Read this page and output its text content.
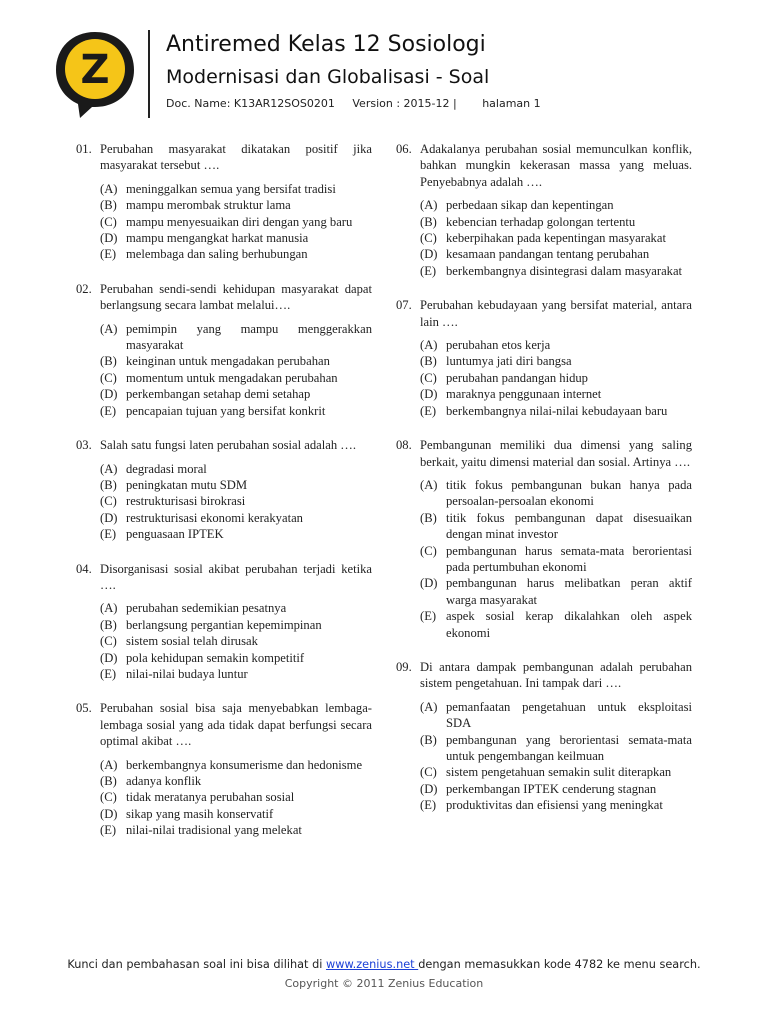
Z
Antiremed Kelas 12 Sosiologi
Modernisasi dan Globalisasi - Soal
Doc. Name: K13AR12SOS0201 Version : 2015-12 | halaman 1
01. Perubahan masyarakat dikatakan positif jika masyarakat tersebut ….
(A) meninggalkan semua yang bersifat tradisi
(B) mampu merombak struktur lama
(C) mampu menyesuaikan diri dengan yang baru
(D) mampu mengangkat harkat manusia
(E) melembaga dan saling berhubungan
02. Perubahan sendi-sendi kehidupan masyarakat dapat berlangsung secara lambat melalui….
(A) pemimpin yang mampu menggerakkan masyarakat
(B) keinginan untuk mengadakan perubahan
(C) momentum untuk mengadakan perubahan
(D) perkembangan setahap demi setahap
(E) pencapaian tujuan yang bersifat konkrit
03. Salah satu fungsi laten perubahan sosial adalah ….
(A) degradasi moral
(B) peningkatan mutu SDM
(C) restrukturisasi birokrasi
(D) restrukturisasi ekonomi kerakyatan
(E) penguasaan IPTEK
04. Disorganisasi sosial akibat perubahan terjadi ketika ….
(A) perubahan sedemikian pesatnya
(B) berlangsung pergantian kepemimpinan
(C) sistem sosial telah dirusak
(D) pola kehidupan semakin kompetitif
(E) nilai-nilai budaya luntur
05. Perubahan sosial bisa saja menyebabkan lembaga-lembaga sosial yang ada tidak dapat berfungsi secara optimal akibat ….
(A) berkembangnya konsumerisme dan hedonisme
(B) adanya konflik
(C) tidak meratanya perubahan sosial
(D) sikap yang masih konservatif
(E) nilai-nilai tradisional yang melekat
06. Adakalanya perubahan sosial memunculkan konflik, bahkan mungkin kekerasan massa yang meluas. Penyebabnya adalah ….
(A) perbedaan sikap dan kepentingan
(B) kebencian terhadap golongan tertentu
(C) keberpihakan pada kepentingan masyarakat
(D) kesamaan pandangan tentang perubahan
(E) berkembangnya disintegrasi dalam masyarakat
07. Perubahan kebudayaan yang bersifat material, antara lain ….
(A) perubahan etos kerja
(B) luntumya jati diri bangsa
(C) perubahan pandangan hidup
(D) maraknya penggunaan internet
(E) berkembangnya nilai-nilai kebudayaan baru
08. Pembangunan memiliki dua dimensi yang saling berkait, yaitu dimensi material dan sosial. Artinya ….
(A) titik fokus pembangunan bukan hanya pada persoalan-persoalan ekonomi
(B) titik fokus pembangunan dapat disesuaikan dengan minat investor
(C) pembangunan harus semata-mata berorientasi pada pertumbuhan ekonomi
(D) pembangunan harus melibatkan peran aktif warga masyarakat
(E) aspek sosial kerap dikalahkan oleh aspek ekonomi
09. Di antara dampak pembangunan adalah perubahan sistem pengetahuan. Ini tampak dari ….
(A) pemanfaatan pengetahuan untuk eksploitasi SDA
(B) pembangunan yang berorientasi semata-mata untuk pengembangan keilmuan
(C) sistem pengetahuan semakin sulit diterapkan
(D) perkembangan IPTEK cenderung stagnan
(E) produktivitas dan efisiensi yang meningkat
Kunci dan pembahasan soal ini bisa dilihat di www.zenius.net dengan memasukkan kode 4782 ke menu search.
Copyright © 2011 Zenius Education
